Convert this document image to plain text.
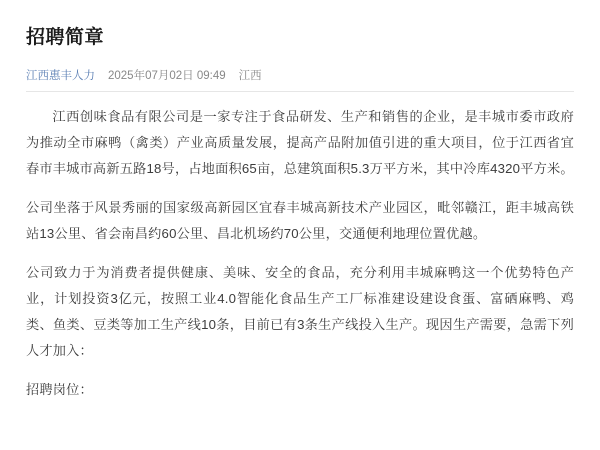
招聘简章
江西惠丰人力 2025年07月02日 09:49 江西

江西创味食品有限公司是一家专注于食品研发、生产和销售的企业，是丰城市委市政府为推动全市麻鸭（禽类）产业高质量发展，提高产品附加值引进的重大项目，位于江西省宜春市丰城市高新五路18号，占地面积65亩，总建筑面积5.3万平方米，其中冷库4320平方米。

公司坐落于风景秀丽的国家级高新园区宜春丰城高新技术产业园区，毗邻赣江，距丰城高铁站13公里、省会南昌约60公里、昌北机场约70公里，交通便利地理位置优越。

公司致力于为消费者提供健康、美味、安全的食品，充分利用丰城麻鸭这一个优势特色产业，计划投资3亿元，按照工业4.0智能化食品生产工厂标准建设建设食蛋、富硒麻鸭、鸡类、鱼类、豆类等加工生产线10条，目前已有3条生产线投入生产。现因生产需要，急需下列人才加入：

招聘岗位：
